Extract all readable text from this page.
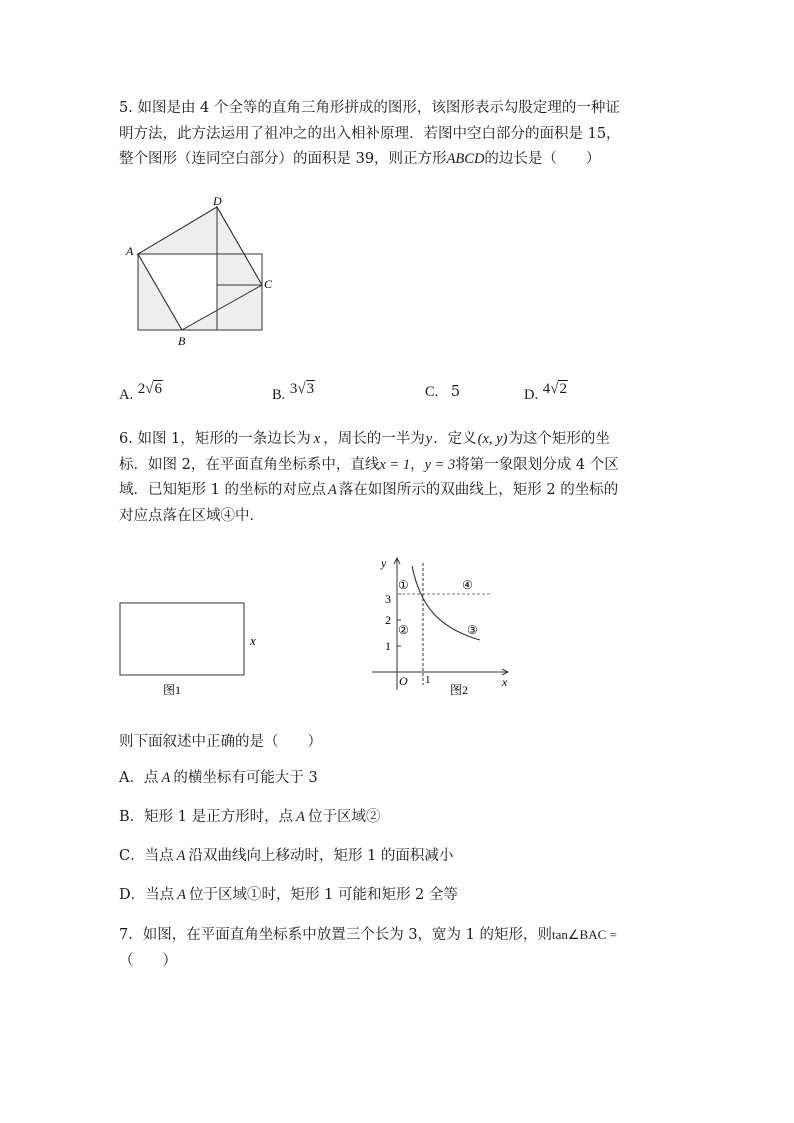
5. 如图是由 4 个全等的直角三角形拼成的图形，该图形表示勾股定理的一种证
明方法，此方法运用了祖冲之的出入相补原理．若图中空白部分的面积是 15，
整个图形（连同空白部分）的面积是 39，则正方形ABCD的边长是（　　）
D
A
C
B
A. 2√6	B. 3√3	C. 5	D. 4√2
6. 如图 1，矩形的一条边长为 x ，周长的一半为y．定义(x, y)为这个矩形的坐
标．如图 2，在平面直角坐标系中，直线x = 1，y = 3将第一象限划分成 4 个区
域．已知矩形 1 的坐标的对应点 A 落在如图所示的双曲线上，矩形 2 的坐标的
对应点落在区域④中．
x
图1
y
x
O
3
2
1
1
①
②	③
④
图2
则下面叙述中正确的是（　　）
A．点 A 的横坐标有可能大于 3
B．矩形 1 是正方形时，点 A 位于区域②
C．当点 A 沿双曲线向上移动时，矩形 1 的面积减小
D．当点 A 位于区域①时，矩形 1 可能和矩形 2 全等
7．如图，在平面直角坐标系中放置三个长为 3，宽为 1 的矩形，则tan∠BAC =
（　　）
